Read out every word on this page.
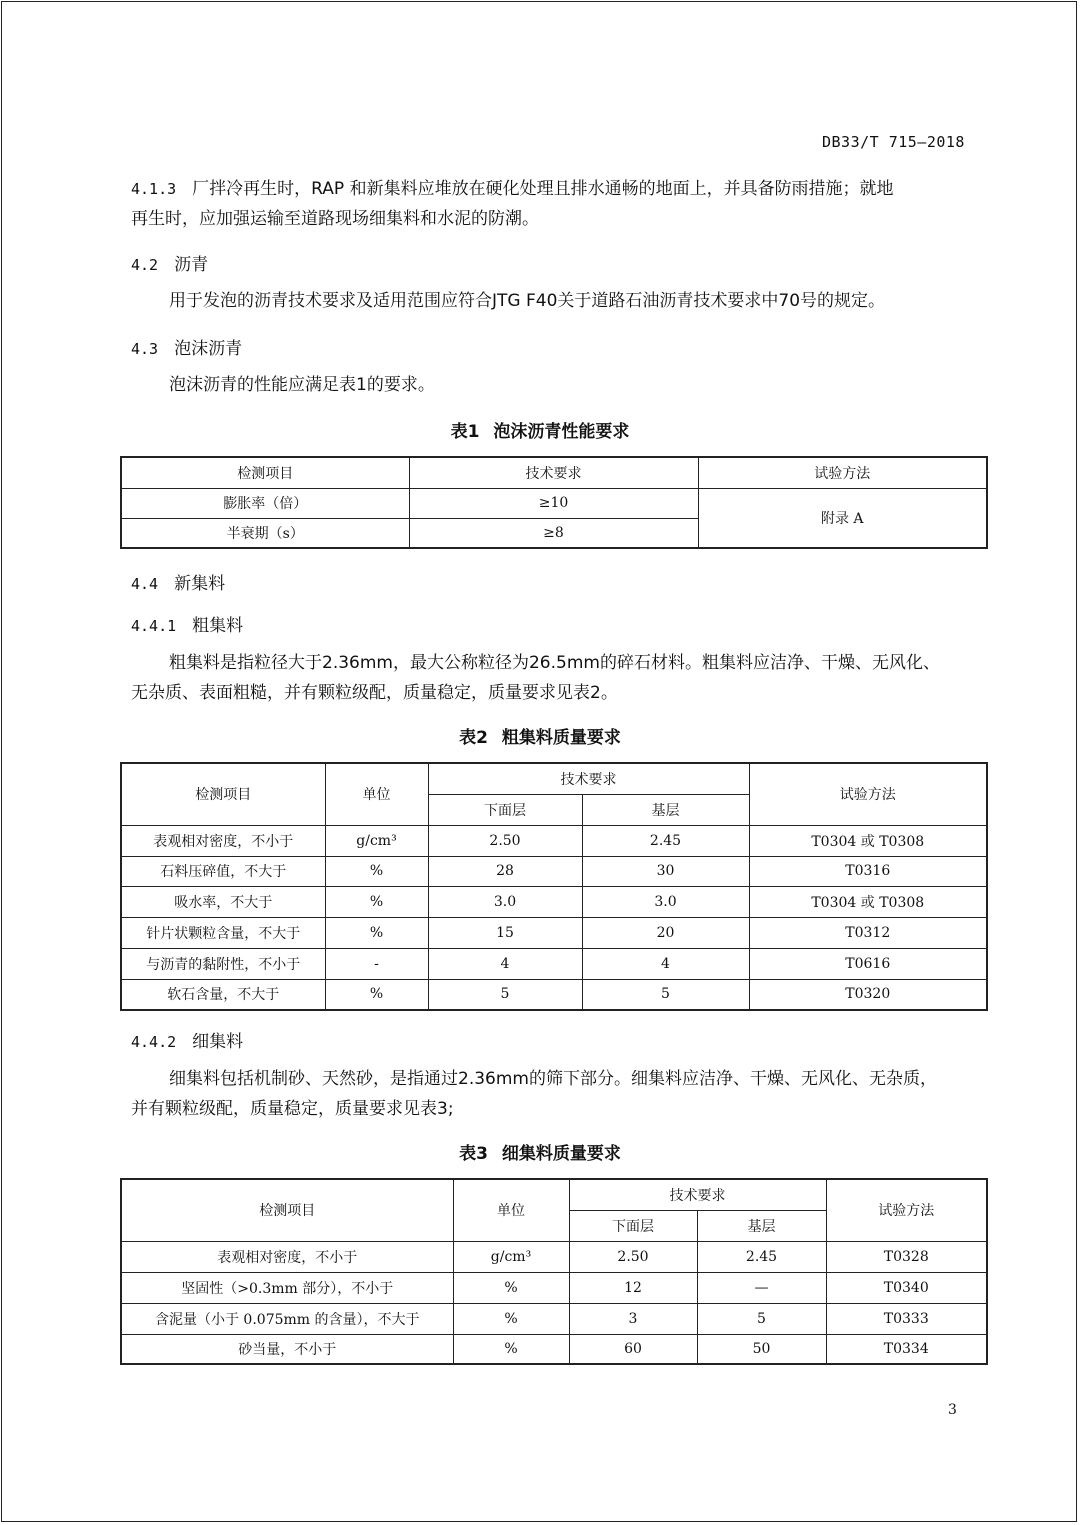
DB33/T 715—2018
4.1.3 厂拌冷再生时，RAP 和新集料应堆放在硬化处理且排水通畅的地面上，并具备防雨措施；就地
再生时，应加强运输至道路现场细集料和水泥的防潮。
4.2 沥青
用于发泡的沥青技术要求及适用范围应符合JTG F40关于道路石油沥青技术要求中70号的规定。
4.3 泡沫沥青
泡沫沥青的性能应满足表1的要求。
表1 泡沫沥青性能要求
检测项目	技术要求	试验方法
膨胀率（倍）	≥10	附录 A
半衰期（s）	≥8	
4.4 新集料
4.4.1 粗集料
粗集料是指粒径大于2.36mm，最大公称粒径为26.5mm的碎石材料。粗集料应洁净、干燥、无风化、
无杂质、表面粗糙，并有颗粒级配，质量稳定，质量要求见表2。
表2 粗集料质量要求
检测项目	单位	技术要求		试验方法
		下面层	基层	
表观相对密度，不小于	g/cm³	2.50	2.45	T0304 或 T0308
石料压碎值，不大于	%	28	30	T0316
吸水率，不大于	%	3.0	3.0	T0304 或 T0308
针片状颗粒含量，不大于	%	15	20	T0312
与沥青的黏附性，不小于	-	4	4	T0616
软石含量，不大于	%	5	5	T0320
4.4.2 细集料
细集料包括机制砂、天然砂，是指通过2.36mm的筛下部分。细集料应洁净、干燥、无风化、无杂质，
并有颗粒级配，质量稳定，质量要求见表3;
表3 细集料质量要求
检测项目	单位	技术要求		试验方法
		下面层	基层	
表观相对密度，不小于	g/cm³	2.50	2.45	T0328
坚固性（>0.3mm 部分），不小于	%	12	—	T0340
含泥量（小于 0.075mm 的含量），不大于	%	3	5	T0333
砂当量，不小于	%	60	50	T0334
3
